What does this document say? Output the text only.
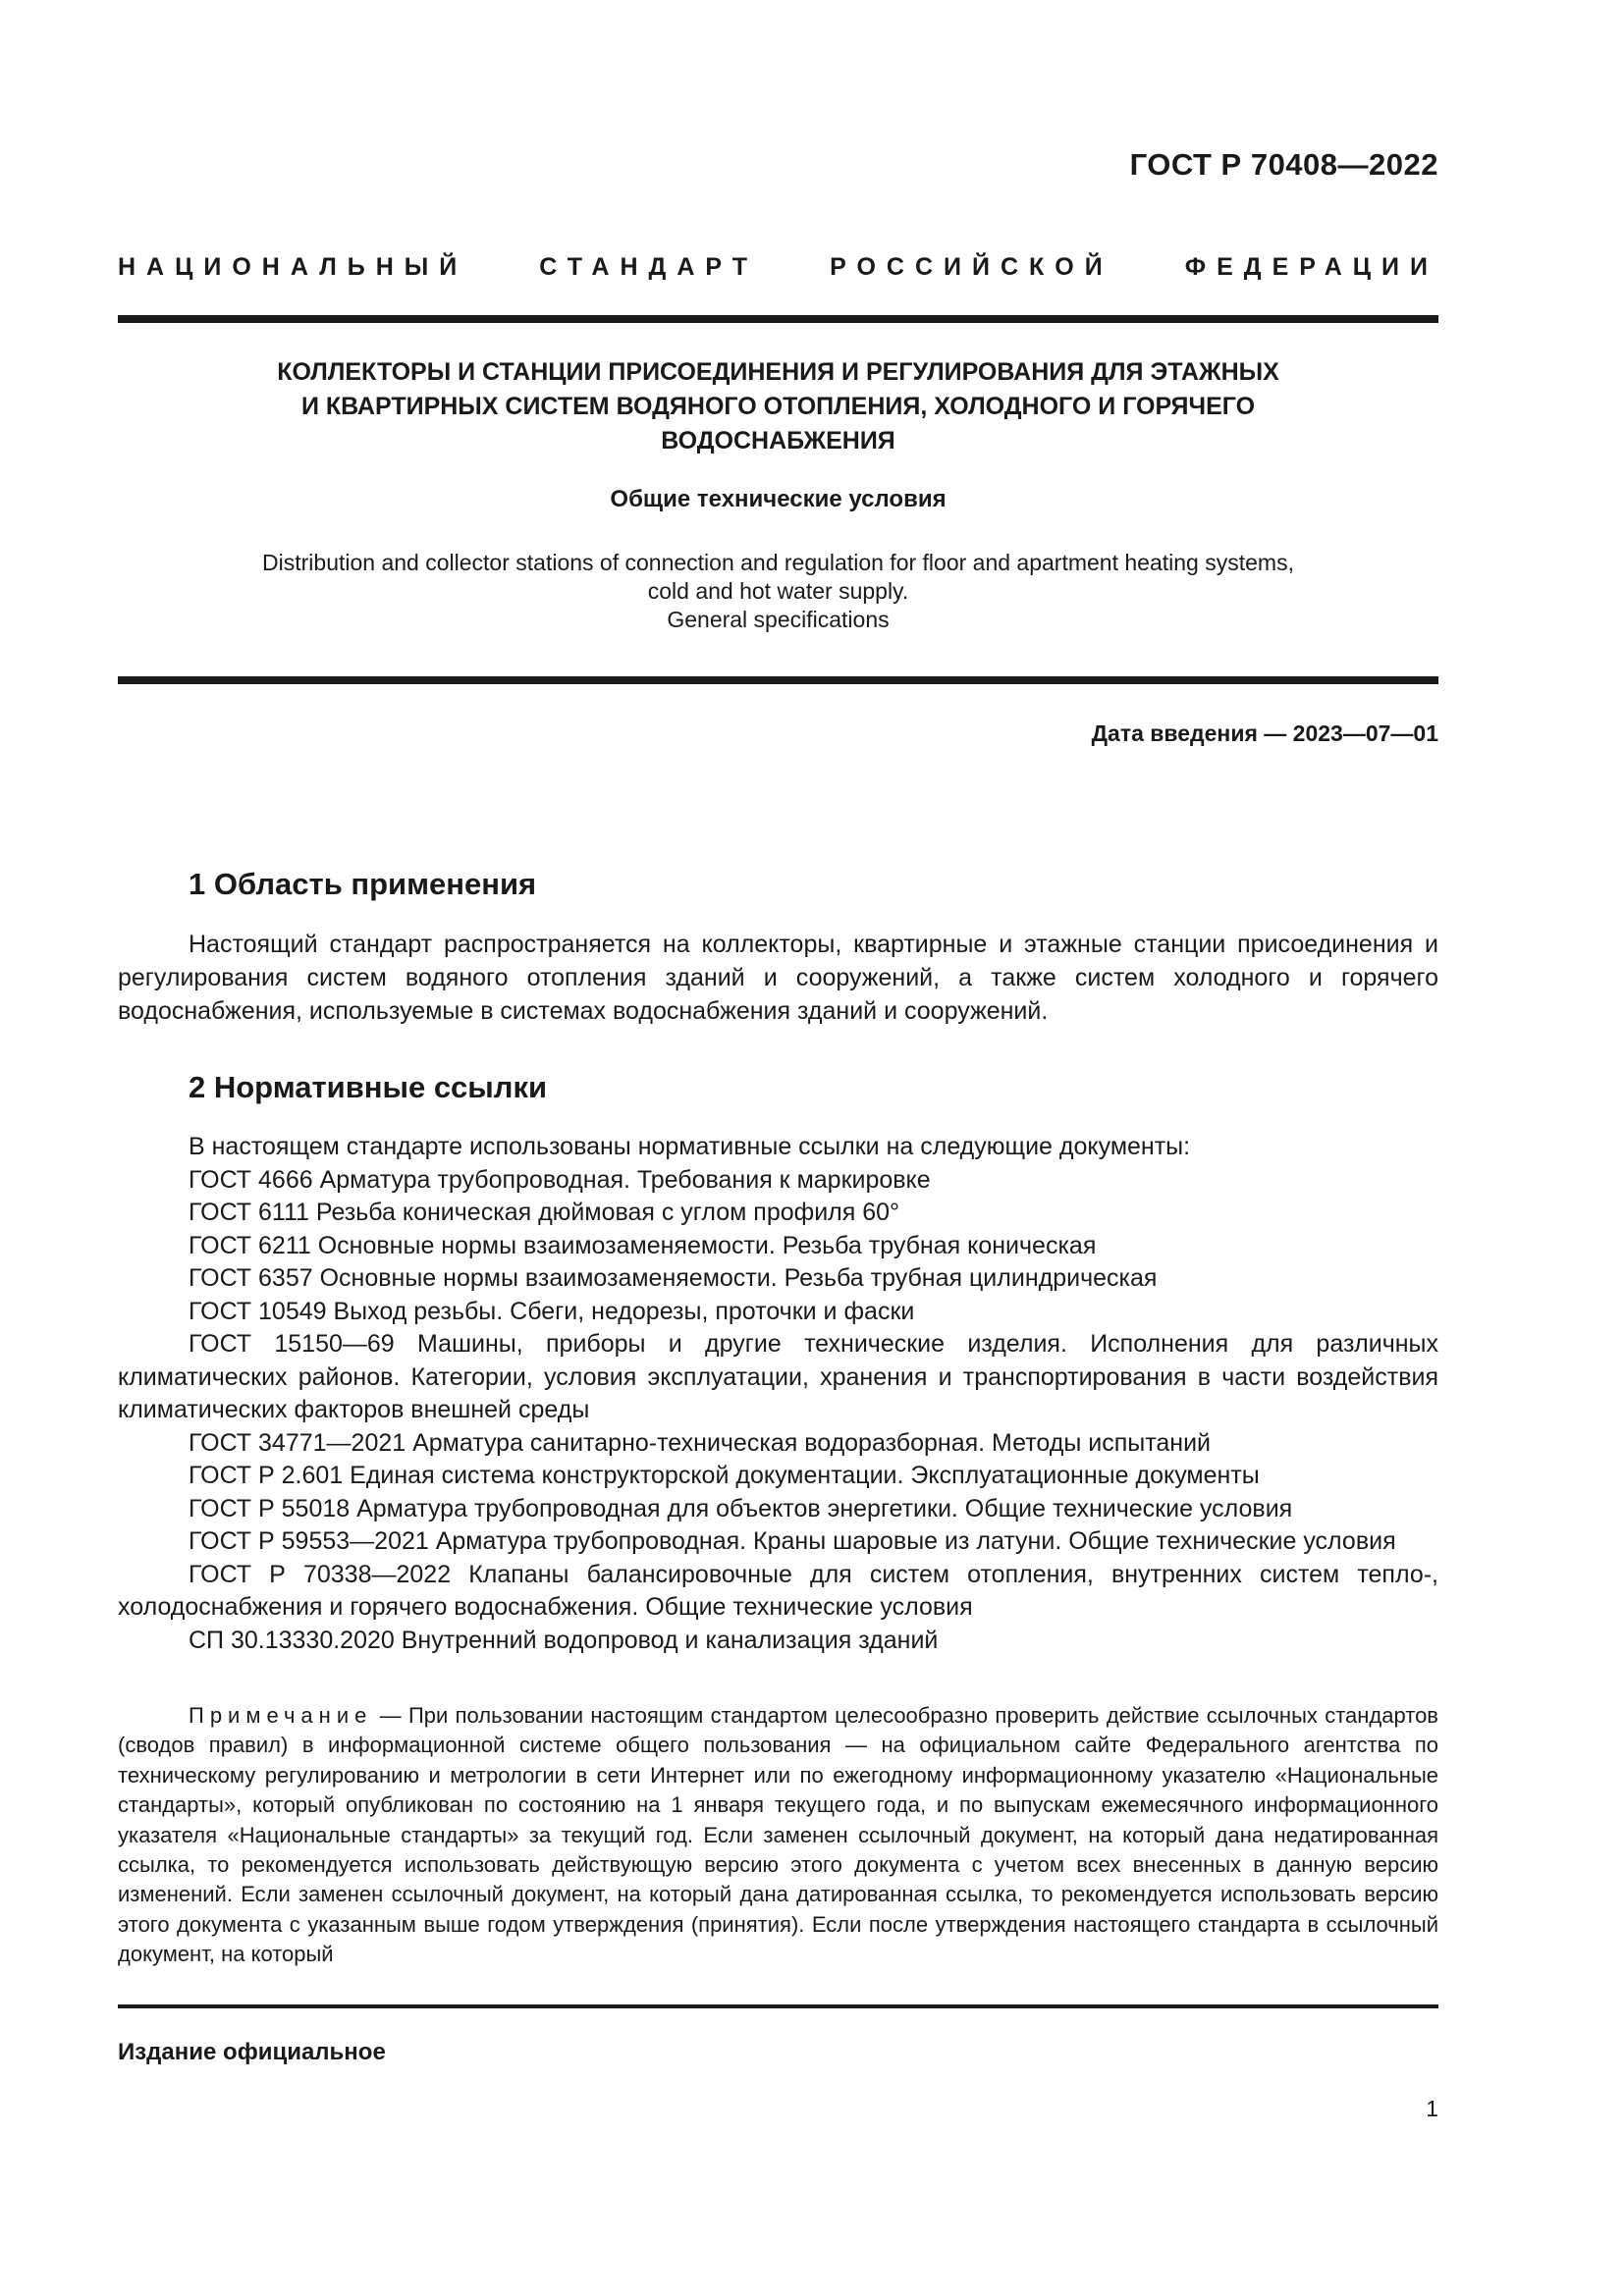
ГОСТ Р 70408—2022
НАЦИОНАЛЬНЫЙ СТАНДАРТ РОССИЙСКОЙ ФЕДЕРАЦИИ
КОЛЛЕКТОРЫ И СТАНЦИИ ПРИСОЕДИНЕНИЯ И РЕГУЛИРОВАНИЯ ДЛЯ ЭТАЖНЫХ
И КВАРТИРНЫХ СИСТЕМ ВОДЯНОГО ОТОПЛЕНИЯ, ХОЛОДНОГО И ГОРЯЧЕГО
ВОДОСНАБЖЕНИЯ
Общие технические условия
Distribution and collector stations of connection and regulation for floor and apartment heating systems,
cold and hot water supply.
General specifications
Дата введения — 2023—07—01
1 Область применения
Настоящий стандарт распространяется на коллекторы, квартирные и этажные станции присоединения и регулирования систем водяного отопления зданий и сооружений, а также систем холодного и горячего водоснабжения, используемые в системах водоснабжения зданий и сооружений.
2 Нормативные ссылки
В настоящем стандарте использованы нормативные ссылки на следующие документы:
ГОСТ 4666 Арматура трубопроводная. Требования к маркировке
ГОСТ 6111 Резьба коническая дюймовая с углом профиля 60°
ГОСТ 6211 Основные нормы взаимозаменяемости. Резьба трубная коническая
ГОСТ 6357 Основные нормы взаимозаменяемости. Резьба трубная цилиндрическая
ГОСТ 10549 Выход резьбы. Сбеги, недорезы, проточки и фаски
ГОСТ 15150—69 Машины, приборы и другие технические изделия. Исполнения для различных климатических районов. Категории, условия эксплуатации, хранения и транспортирования в части воздействия климатических факторов внешней среды
ГОСТ 34771—2021 Арматура санитарно-техническая водоразборная. Методы испытаний
ГОСТ Р 2.601 Единая система конструкторской документации. Эксплуатационные документы
ГОСТ Р 55018 Арматура трубопроводная для объектов энергетики. Общие технические условия
ГОСТ Р 59553—2021 Арматура трубопроводная. Краны шаровые из латуни. Общие технические условия
ГОСТ Р 70338—2022 Клапаны балансировочные для систем отопления, внутренних систем тепло-, холодоснабжения и горячего водоснабжения. Общие технические условия
СП 30.13330.2020 Внутренний водопровод и канализация зданий
Примечание — При пользовании настоящим стандартом целесообразно проверить действие ссылочных стандартов (сводов правил) в информационной системе общего пользования — на официальном сайте Федерального агентства по техническому регулированию и метрологии в сети Интернет или по ежегодному информационному указателю «Национальные стандарты», который опубликован по состоянию на 1 января текущего года, и по выпускам ежемесячного информационного указателя «Национальные стандарты» за текущий год. Если заменен ссылочный документ, на который дана недатированная ссылка, то рекомендуется использовать действующую версию этого документа с учетом всех внесенных в данную версию изменений. Если заменен ссылочный документ, на который дана датированная ссылка, то рекомендуется использовать версию этого документа с указанным выше годом утверждения (принятия). Если после утверждения настоящего стандарта в ссылочный документ, на который
Издание официальное
1
